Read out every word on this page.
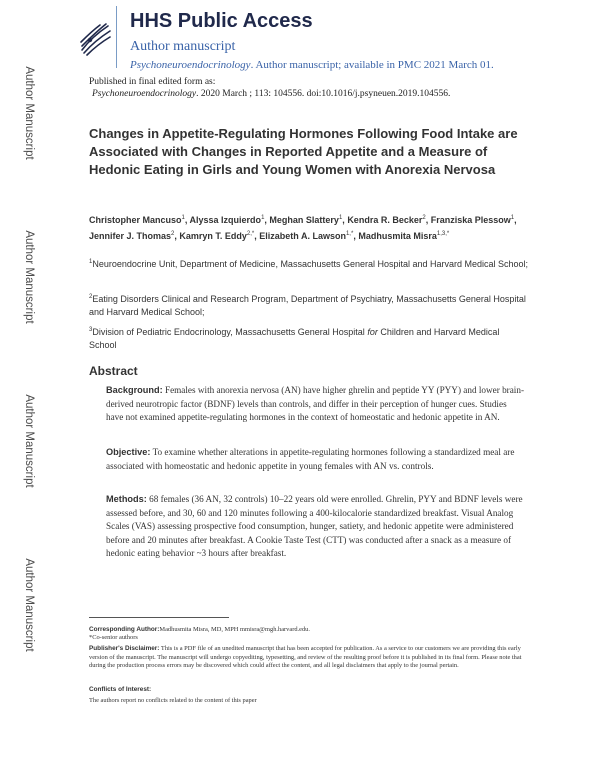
Author Manuscript
Author Manuscript
Author Manuscript
Author Manuscript
HHS Public Access
Author manuscript
Psychoneuroendocrinology. Author manuscript; available in PMC 2021 March 01.
Published in final edited form as:
Psychoneuroendocrinology. 2020 March ; 113: 104556. doi:10.1016/j.psyneuen.2019.104556.
Changes in Appetite-Regulating Hormones Following Food Intake are Associated with Changes in Reported Appetite and a Measure of Hedonic Eating in Girls and Young Women with Anorexia Nervosa
Christopher Mancuso$^1$, Alyssa Izquierdo$^1$, Meghan Slattery$^1$, Kendra R. Becker$^2$, Franziska Plessow$^1$, Jennifer J. Thomas$^2$, Kamryn T. Eddy$^{2,*}$, Elizabeth A. Lawson$^{1,*}$, Madhusmita Misra$^{1,3,*}$
$^1$Neuroendocrine Unit, Department of Medicine, Massachusetts General Hospital and Harvard Medical School;
$^2$Eating Disorders Clinical and Research Program, Department of Psychiatry, Massachusetts General Hospital and Harvard Medical School;
$^3$Division of Pediatric Endocrinology, Massachusetts General Hospital for Children and Harvard Medical School
Abstract
Background: Females with anorexia nervosa (AN) have higher ghrelin and peptide YY (PYY) and lower brain-derived neurotropic factor (BDNF) levels than controls, and differ in their perception of hunger cues. Studies have not examined appetite-regulating hormones in the context of homeostatic and hedonic appetite in AN.
Objective: To examine whether alterations in appetite-regulating hormones following a standardized meal are associated with homeostatic and hedonic appetite in young females with AN vs. controls.
Methods: 68 females (36 AN, 32 controls) 10–22 years old were enrolled. Ghrelin, PYY and BDNF levels were assessed before, and 30, 60 and 120 minutes following a 400-kilocalorie standardized breakfast. Visual Analog Scales (VAS) assessing prospective food consumption, hunger, satiety, and hedonic appetite were administered before and 20 minutes after breakfast. A Cookie Taste Test (CTT) was conducted after a snack as a measure of hedonic eating behavior ~3 hours after breakfast.
Corresponding Author:Madhusmita Misra, MD, MPH mmisra@mgh.harvard.edu.
*Co-senior authors
Publisher's Disclaimer: This is a PDF file of an unedited manuscript that has been accepted for publication. As a service to our customers we are providing this early version of the manuscript. The manuscript will undergo copyediting, typesetting, and review of the resulting proof before it is published in its final form. Please note that during the production process errors may be discovered which could affect the content, and all legal disclaimers that apply to the journal pertain.
Conflicts of Interest:
The authors report no conflicts related to the content of this paper
